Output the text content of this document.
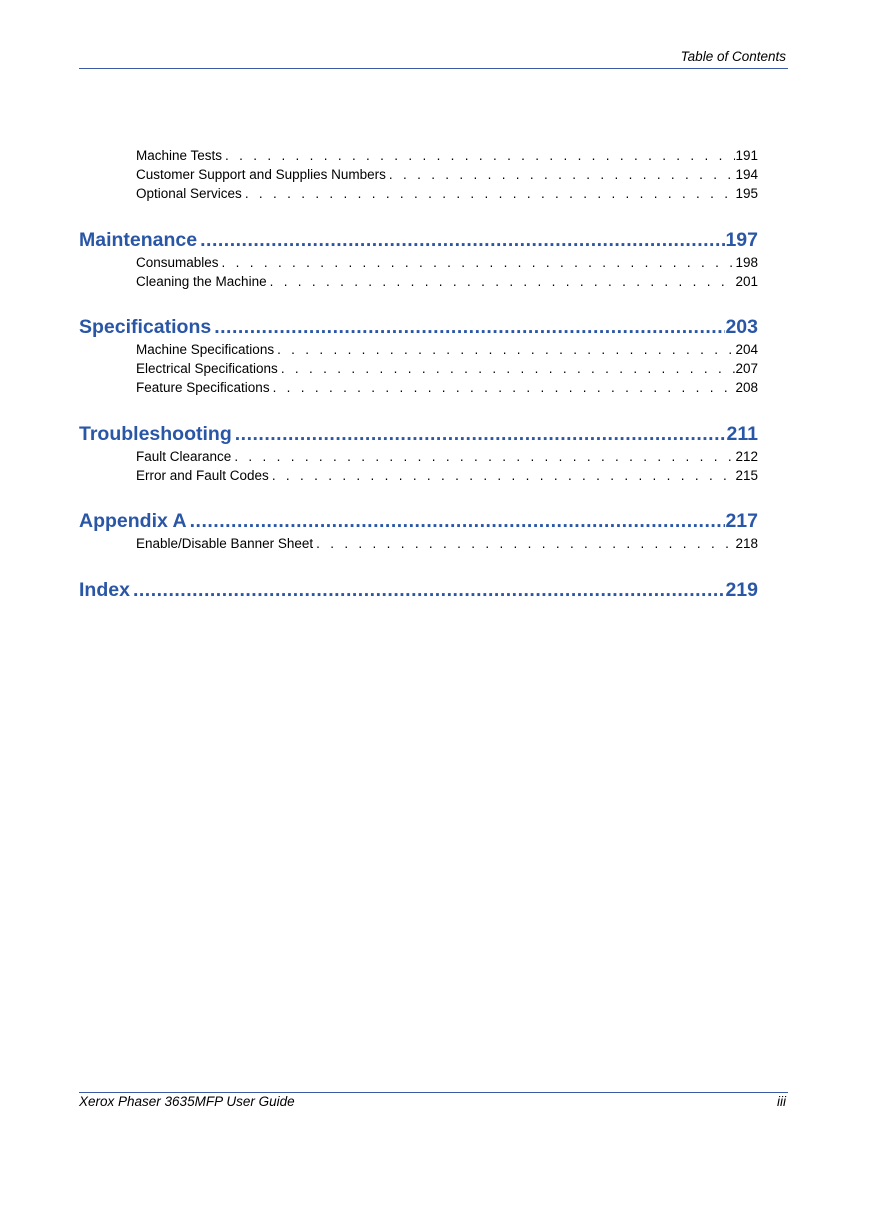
Table of Contents
Machine Tests . . .	191
Customer Support and Supplies Numbers . . .	194
Optional Services . . .	195
Maintenance .....	197
Consumables . . .	198
Cleaning the Machine . . .	201
Specifications .....	203
Machine Specifications . . .	204
Electrical Specifications . . .	207
Feature Specifications . . .	208
Troubleshooting .....	211
Fault Clearance . . .	212
Error and Fault Codes . . .	215
Appendix A .....	217
Enable/Disable Banner Sheet . . .	218
Index .....	219
Xerox Phaser 3635MFP User Guide	iii
